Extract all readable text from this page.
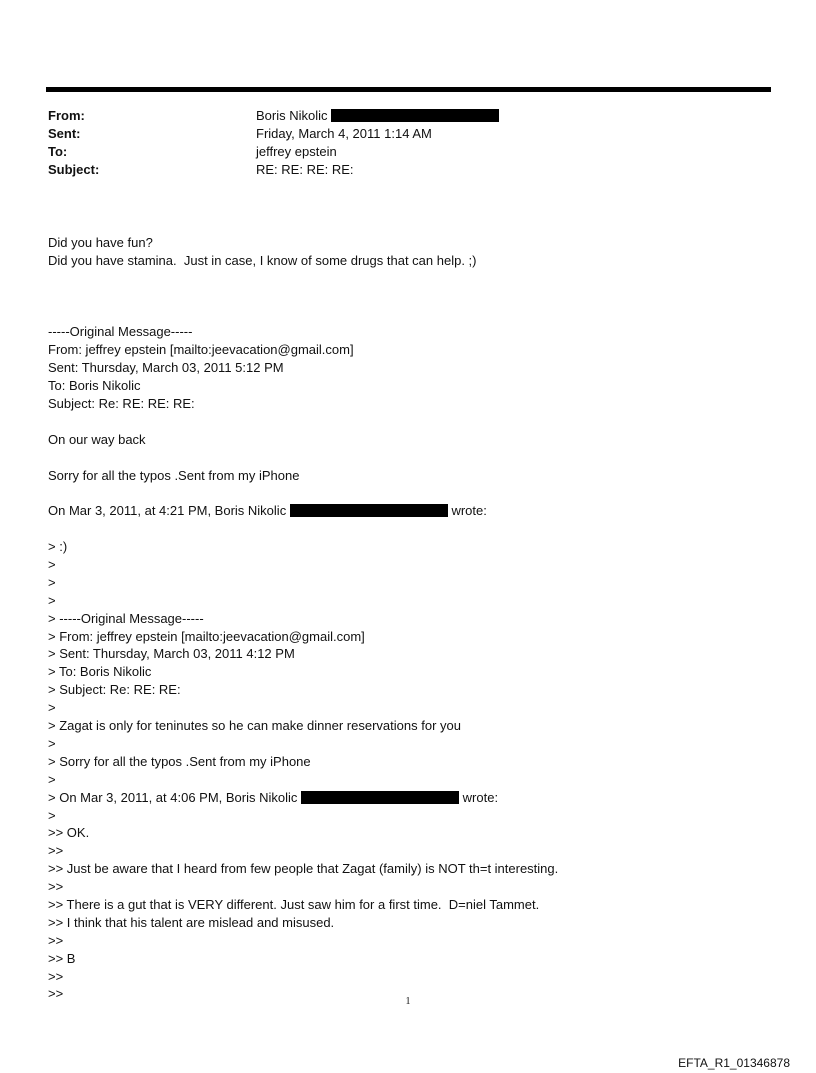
From:	Boris Nikolic
Sent:	Friday, March 4, 2011 1:14 AM
To:	jeffrey epstein
Subject:	RE: RE: RE: RE:
Did you have fun?
Did you have stamina.  Just in case, I know of some drugs that can help. ;)
-----Original Message-----
From: jeffrey epstein [mailto:jeevacation@gmail.com]
Sent: Thursday, March 03, 2011 5:12 PM
To: Boris Nikolic
Subject: Re: RE: RE: RE:
On our way back
Sorry for all the typos .Sent from my iPhone
On Mar 3, 2011, at 4:21 PM, Boris Nikolic	wrote:
> :)
>
>
>
> -----Original Message-----
> From: jeffrey epstein [mailto:jeevacation@gmail.com]
> Sent: Thursday, March 03, 2011 4:12 PM
> To: Boris Nikolic
> Subject: Re: RE: RE:
>
> Zagat is only for teninutes so he can make dinner reservations for you
>
> Sorry for all the typos .Sent from my iPhone
>
> On Mar 3, 2011, at 4:06 PM, Boris Nikolic	wrote:
>
>> OK.
>>
>> Just be aware that I heard from few people that Zagat (family) is NOT th=t interesting.
>>
>> There is a gut that is VERY different. Just saw him for a first time.  D=niel Tammet.
>> I think that his talent are mislead and misused.
>>
>> B
>>
>>
1
EFTA_R1_01346878
